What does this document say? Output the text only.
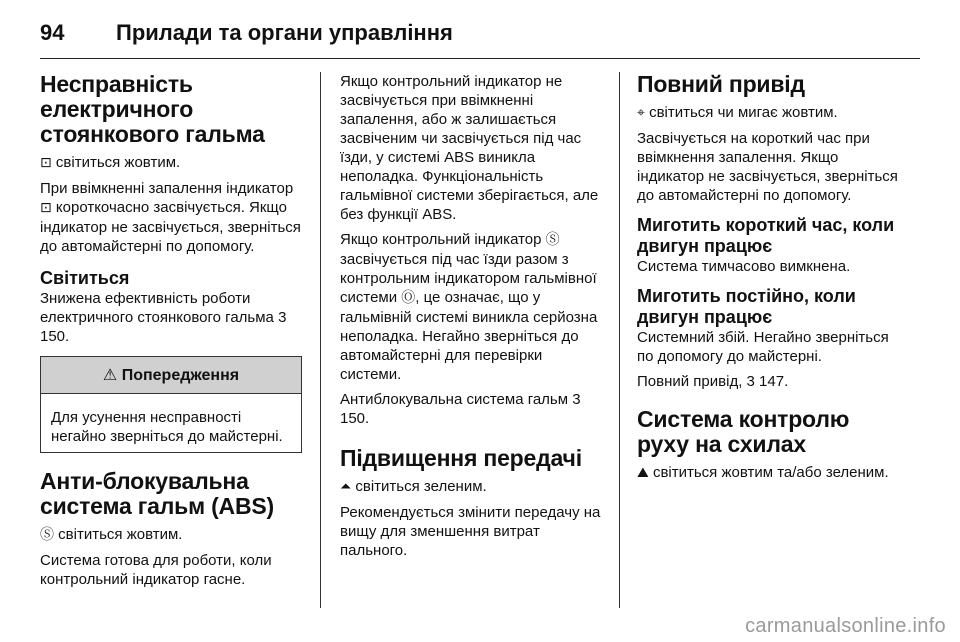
94	Прилади та органи управління
Несправність електричного стоянкового гальма

⊡ світиться жовтим.

При ввімкненні запалення індикатор ⊡ короткочасно засвічується. Якщо індикатор не засвічується, зверніться до автомайстерні по допомогу.

Світиться

Знижена ефективність роботи електричного стоянкового гальма 3 150.

⚠ Попередження

Для усунення несправності негайно зверніться до майстерні.

Анти-блокувальна система гальм (ABS)

Ⓢ світиться жовтим.

Система готова для роботи, коли контрольний індикатор гасне.

Якщо контрольний індикатор не засвічується при ввімкненні запалення, або ж залишається засвіченим чи засвічується під час їзди, у системі ABS виникла неполадка. Функціональність гальмівної системи зберігається, але без функції ABS.

Якщо контрольний індикатор Ⓢ засвічується під час їзди разом з контрольним індикатором гальмівної системи Ⓞ, це означає, що у гальмівній системі виникла серйозна неполадка. Негайно зверніться до автомайстерні для перевірки системи.

Антиблокувальна система гальм 3 150.

Підвищення передачі

⏶ світиться зеленим.

Рекомендується змінити передачу на вищу для зменшення витрат пального.

Повний привід

⌖ світиться чи мигає жовтим.

Засвічується на короткий час при ввімкнення запалення. Якщо індикатор не засвічується, зверніться до автомайстерні по допомогу.

Миготить короткий час, коли двигун працює

Система тимчасово вимкнена.

Миготить постійно, коли двигун працює

Системний збій. Негайно зверніться по допомогу до майстерні.

Повний привід, 3 147.

Система контролю руху на схилах

⛰ світиться жовтим та/або зеленим.

carmanualsonline.info
